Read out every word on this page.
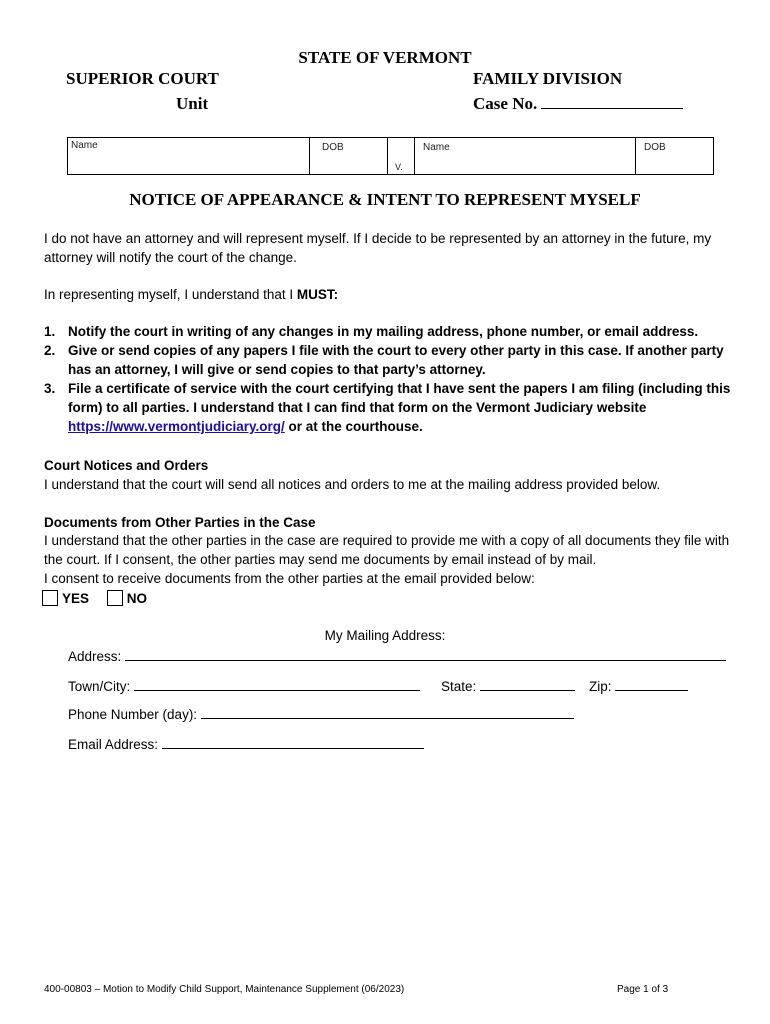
STATE OF VERMONT
SUPERIOR COURT
Unit
FAMILY DIVISION
Case No.
Name	DOB
V.
Name	DOB
NOTICE OF APPEARANCE & INTENT TO REPRESENT MYSELF
I do not have an attorney and will represent myself. If I decide to be represented by an attorney in the future, my attorney will notify the court of the change.
In representing myself, I understand that I MUST:
1. Notify the court in writing of any changes in my mailing address, phone number, or email address.
2. Give or send copies of any papers I file with the court to every other party in this case. If another party has an attorney, I will give or send copies to that party’s attorney.
3. File a certificate of service with the court certifying that I have sent the papers I am filing (including this form) to all parties. I understand that I can find that form on the Vermont Judiciary website https://www.vermontjudiciary.org/ or at the courthouse.
Court Notices and Orders
I understand that the court will send all notices and orders to me at the mailing address provided below.
Documents from Other Parties in the Case
I understand that the other parties in the case are required to provide me with a copy of all documents they file with the court. If I consent, the other parties may send me documents by email instead of by mail.
I consent to receive documents from the other parties at the email provided below:
YES
	NO
My Mailing Address:
Address:
Town/City:	State:	Zip:
Phone Number (day):
Email Address:
400-00803 – Motion to Modify Child Support, Maintenance Supplement (06/2023)	Page 1 of 3
